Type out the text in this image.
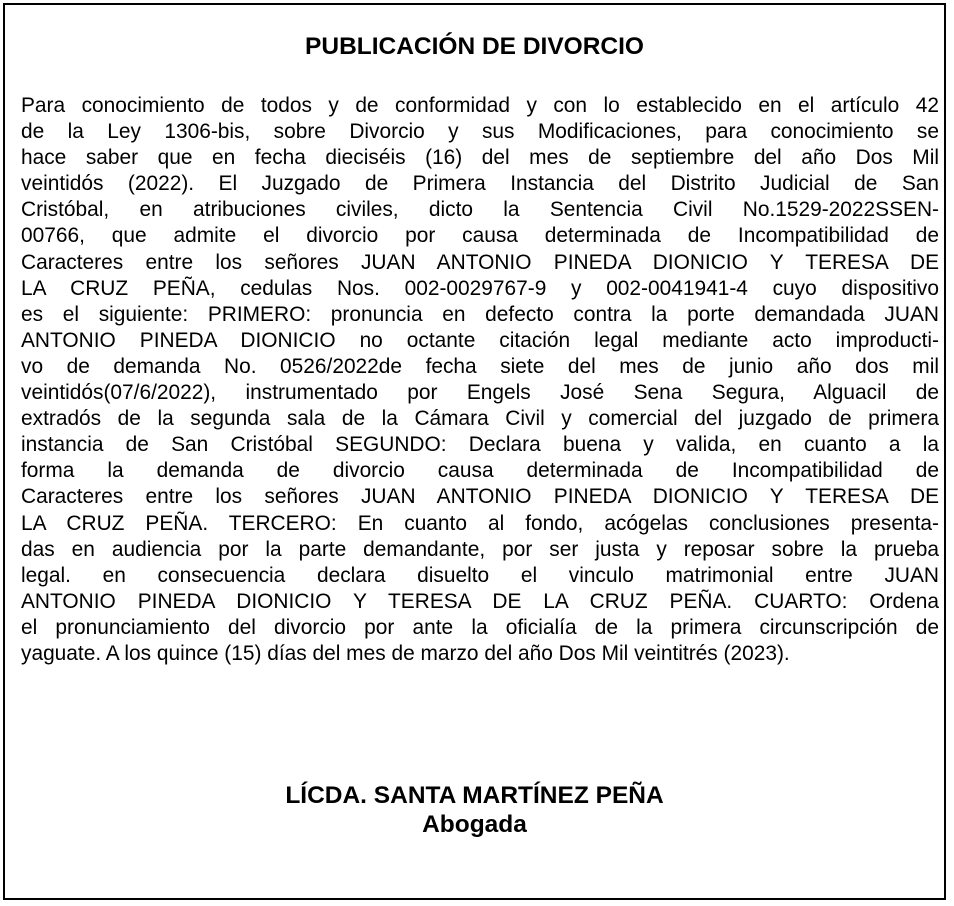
PUBLICACIÓN DE DIVORCIO

Para conocimiento de todos y de conformidad y con lo establecido en el artículo 42
de la Ley 1306-bis, sobre Divorcio y sus Modificaciones, para conocimiento se
hace saber que en fecha dieciséis (16) del mes de septiembre del año Dos Mil
veintidós (2022). El Juzgado de Primera Instancia del Distrito Judicial de San
Cristóbal, en atribuciones civiles, dicto la Sentencia Civil No.1529-2022SSEN-
00766, que admite el divorcio por causa determinada de Incompatibilidad de
Caracteres entre los señores JUAN ANTONIO PINEDA DIONICIO Y TERESA DE
LA CRUZ PEÑA, cedulas Nos. 002-0029767-9 y 002-0041941-4 cuyo dispositivo
es el siguiente: PRIMERO: pronuncia en defecto contra la porte demandada JUAN
ANTONIO PINEDA DIONICIO no octante citación legal mediante acto improducti-
vo de demanda No. 0526/2022de fecha siete del mes de junio año dos mil
veintidós(07/6/2022), instrumentado por Engels José Sena Segura, Alguacil de
extradós de la segunda sala de la Cámara Civil y comercial del juzgado de primera
instancia de San Cristóbal SEGUNDO: Declara buena y valida, en cuanto a la
forma la demanda de divorcio causa determinada de Incompatibilidad de
Caracteres entre los señores JUAN ANTONIO PINEDA DIONICIO Y TERESA DE
LA CRUZ PEÑA. TERCERO: En cuanto al fondo, acógelas conclusiones presenta-
das en audiencia por la parte demandante, por ser justa y reposar sobre la prueba
legal. en consecuencia declara disuelto el vinculo matrimonial entre JUAN
ANTONIO PINEDA DIONICIO Y TERESA DE LA CRUZ PEÑA. CUARTO: Ordena
el pronunciamiento del divorcio por ante la oficialía de la primera circunscripción de
yaguate. A los quince (15) días del mes de marzo del año Dos Mil veintitrés (2023).

LÍCDA. SANTA MARTÍNEZ PEÑA
Abogada
